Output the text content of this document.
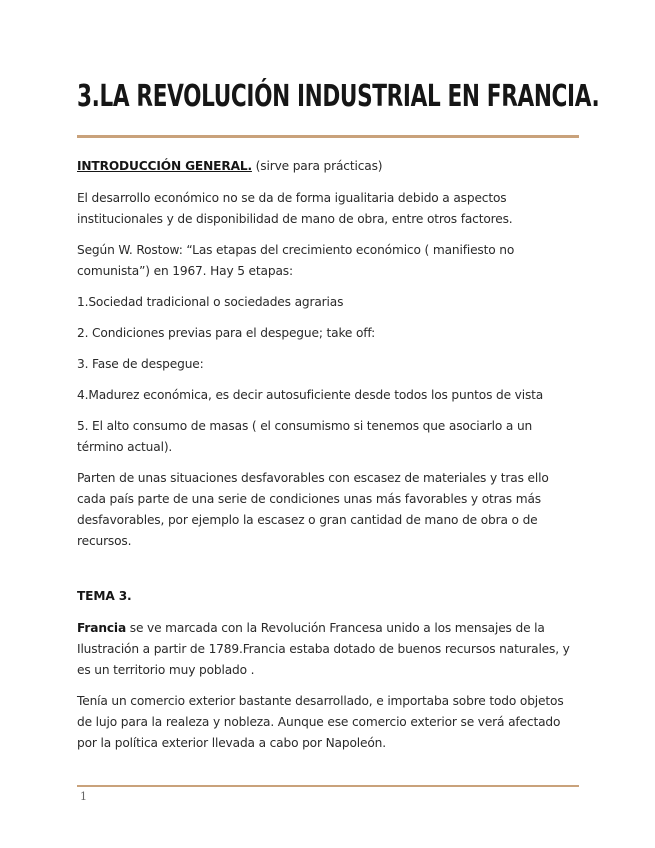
3.LA REVOLUCIÓN INDUSTRIAL EN FRANCIA.

INTRODUCCIÓN GENERAL. (sirve para prácticas)

El desarrollo económico no se da de forma igualitaria debido a aspectos institucionales y de disponibilidad de mano de obra, entre otros factores.

Según W. Rostow: “Las etapas del crecimiento económico ( manifiesto no comunista”) en 1967. Hay 5 etapas:

1.Sociedad tradicional o sociedades agrarias

2. Condiciones previas para el despegue; take off:

3. Fase de despegue:

4.Madurez económica, es decir autosuficiente desde todos los puntos de vista

5. El alto consumo de masas ( el consumismo si tenemos que asociarlo a un término actual).

Parten de unas situaciones desfavorables con escasez de materiales y tras ello cada país parte de una serie de condiciones unas más favorables y otras más desfavorables, por ejemplo la escasez o gran cantidad de mano de obra o de recursos.

TEMA 3.

Francia se ve marcada con la Revolución Francesa unido a los mensajes de la Ilustración a partir de 1789.Francia estaba dotado de buenos recursos naturales, y es un territorio muy poblado .

Tenía un comercio exterior bastante desarrollado, e importaba sobre todo objetos de lujo para la realeza y nobleza. Aunque ese comercio exterior se verá afectado por la política exterior llevada a cabo por Napoleón.

1
